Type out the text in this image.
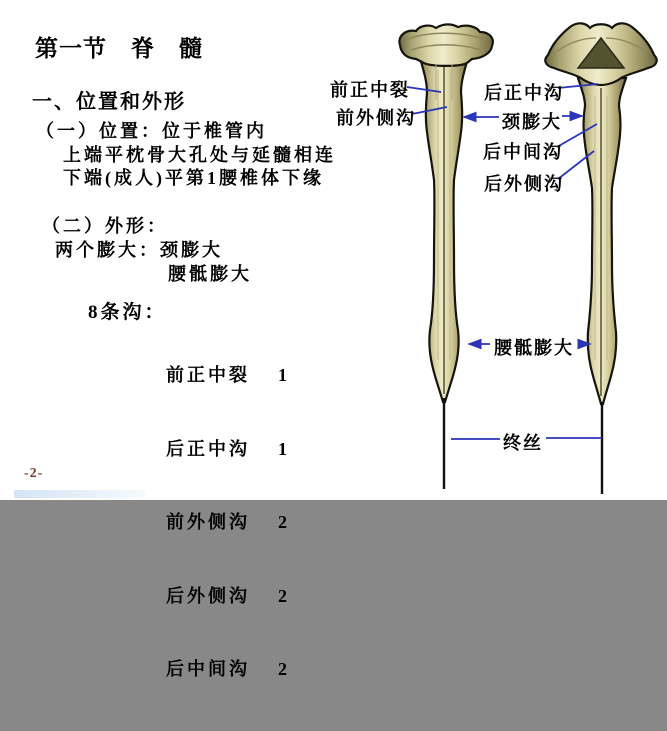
第一节　脊　髓
一、位置和外形
（一）位置：位于椎管内
上端平枕骨大孔处与延髓相连
下端(成人)平第1腰椎体下缘
（二）外形：
两个膨大：颈膨大
腰骶膨大
8条沟：

前正中裂 1

后正中沟 1

前外侧沟 2

后外侧沟 2

后中间沟 2

前正中裂
前外侧沟
后正中沟
颈膨大
后中间沟
后外侧沟
腰骶膨大
终丝
-2-
